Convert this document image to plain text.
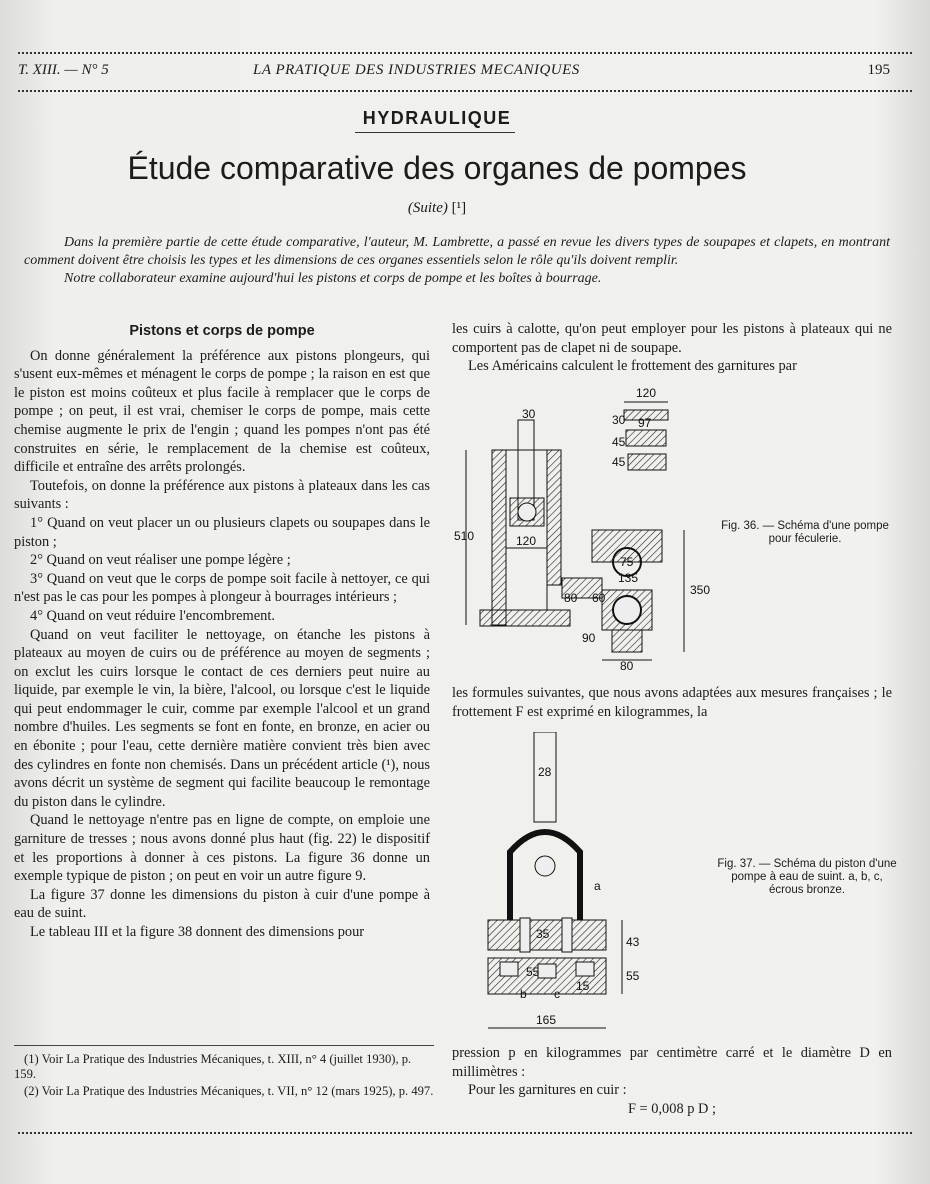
T. XIII. — N° 5	LA PRATIQUE DES INDUSTRIES MECANIQUES	195
HYDRAULIQUE
Étude comparative des organes de pompes
(Suite) [¹]

Dans la première partie de cette étude comparative, l'auteur, M. Lambrette, a passé en revue les divers types de soupapes et clapets, en montrant comment doivent être choisis les types et les dimensions de ces organes essentiels selon le rôle qu'ils doivent remplir.

Notre collaborateur examine aujourd'hui les pistons et corps de pompe et les boîtes à bourrage.

Pistons et corps de pompe

On donne généralement la préférence aux pistons plongeurs, qui s'usent eux-mêmes et ménagent le corps de pompe ; la raison en est que le piston est moins coûteux et plus facile à remplacer que le corps de pompe ; on peut, il est vrai, chemiser le corps de pompe, mais cette chemise augmente le prix de l'engin ; quand les pompes n'ont pas été construites en série, le remplacement de la chemise est coûteux, difficile et entraîne des arrêts prolongés.

Toutefois, on donne la préférence aux pistons à plateaux dans les cas suivants :

1° Quand on veut placer un ou plusieurs clapets ou soupapes dans le piston ;

2° Quand on veut réaliser une pompe légère ;

3° Quand on veut que le corps de pompe soit facile à nettoyer, ce qui n'est pas le cas pour les pompes à plongeur à bourrages intérieurs ;

4° Quand on veut réduire l'encombrement.

Quand on veut faciliter le nettoyage, on étanche les pistons à plateaux au moyen de cuirs ou de préférence au moyen de segments ; on exclut les cuirs lorsque le contact de ces derniers peut nuire au liquide, par exemple le vin, la bière, l'alcool, ou lorsque c'est le liquide qui peut endommager le cuir, comme par exemple l'alcool et un grand nombre d'huiles. Les segments se font en fonte, en bronze, en acier ou en ébonite ; pour l'eau, cette dernière matière convient très bien avec des cylindres en fonte non chemisés. Dans un précédent article (¹), nous avons décrit un système de segment qui facilite beaucoup le remontage du piston dans le cylindre.

Quand le nettoyage n'entre pas en ligne de compte, on emploie une garniture de tresses ; nous avons donné plus haut (fig. 22) le dispositif et les proportions à donner à ces pistons. La figure 36 donne un exemple typique de piston ; on peut en voir un autre figure 9.

La figure 37 donne les dimensions du piston à cuir d'une pompe à eau de suint.

Le tableau III et la figure 38 donnent des dimensions pour

(1) Voir La Pratique des Industries Mécaniques, t. XIII, n° 4 (juillet 1930), p. 159.

(2) Voir La Pratique des Industries Mécaniques, t. VII, n° 12 (mars 1925), p. 497.

les cuirs à calotte, qu'on peut employer pour les pistons à plateaux qui ne comportent pas de clapet ni de soupape.

Les Américains calculent le frottement des garnitures par

les formules suivantes, que nous avons adaptées aux mesures françaises ; le frottement F est exprimé en kilogrammes, la

pression p en kilogrammes par centimètre carré et le diamètre D en millimètres :

Pour les garnitures en cuir :

F = 0,008 p D ;

120
30	30 97
45
45
510	120
75
135
80 60
350
90
80
Fig. 36. — Schéma d'une pompe pour féculerie.
28
a
35
43
55	55
b c
15
165
Fig. 37. — Schéma du piston d'une pompe à eau de suint. a, b, c, écrous bronze.
